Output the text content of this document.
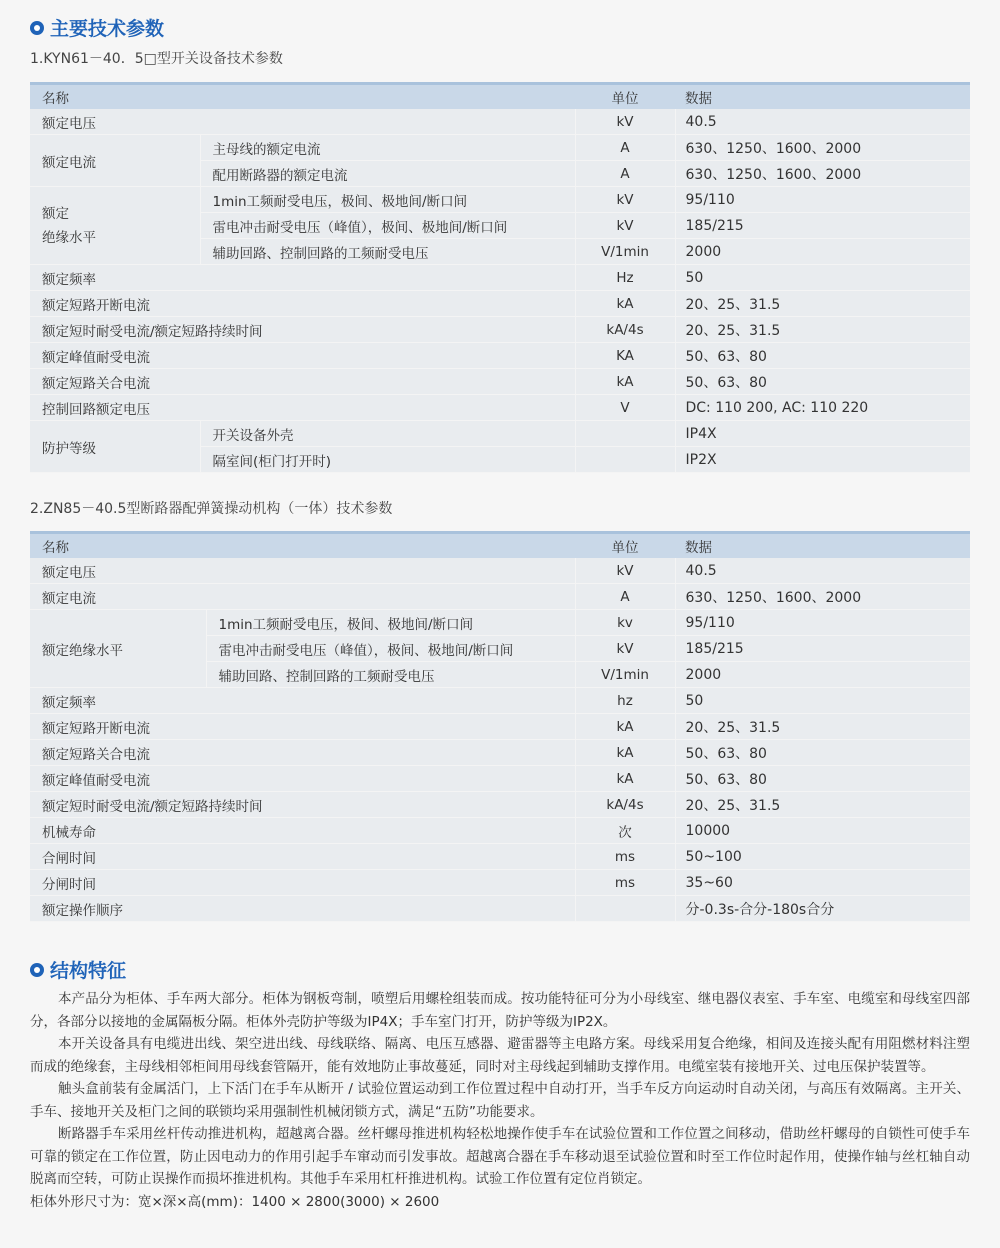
主要技术参数
1.KYN61－40．5□型开关设备技术参数
名称		单位	数据
额定电压		kV	40.5
额定电流	主母线的额定电流	A	630、1250、1600、2000
	配用断路器的额定电流	A	630、1250、1600、2000

额定
绝缘水平	1min工频耐受电压，极间、极地间/断口间	kV	95/110
	雷电冲击耐受电压（峰值），极间、极地间/断口间	kV	185/215
	辅助回路、控制回路的工频耐受电压	V/1min	2000
额定频率		Hz	50
额定短路开断电流		kA	20、25、31.5
额定短时耐受电流/额定短路持续时间		kA/4s	20、25、31.5
额定峰值耐受电流		KA	50、63、80
额定短路关合电流		kA	50、63、80
控制回路额定电压		V	DC: 110 200, AC: 110 220
防护等级	开关设备外壳		IP4X
	隔室间(柜门打开时)		IP2X
2.ZN85－40.5型断路器配弹簧操动机构（一体）技术参数
名称		单位	数据
额定电压		kV	40.5
额定电流		A	630、1250、1600、2000
额定绝缘水平	1min工频耐受电压，极间、极地间/断口间	kv	95/110
	雷电冲击耐受电压（峰值），极间、极地间/断口间	kV	185/215
	辅助回路、控制回路的工频耐受电压	V/1min	2000
额定频率		hz	50
额定短路开断电流		kA	20、25、31.5
额定短路关合电流		kA	50、63、80
额定峰值耐受电流		kA	50、63、80
额定短时耐受电流/额定短路持续时间		kA/4s	20、25、31.5
机械寿命		次	10000
合闸时间		ms	50~100
分闸时间		ms	35~60
额定操作顺序			分-0.3s-合分-180s合分
结构特征

本产品分为柜体、手车两大部分。柜体为钢板弯制，喷塑后用螺栓组装而成。按功能特征可分为小母线室、继电器仪表室、手车室、电缆室和母线室四部分，各部分以接地的金属隔板分隔。柜体外壳防护等级为IP4X；手车室门打开，防护等级为IP2X。

本开关设备具有电缆进出线、架空进出线、母线联络、隔离、电压互感器、避雷器等主电路方案。母线采用复合绝缘，相间及连接头配有用阻燃材料注塑而成的绝缘套，主母线相邻柜间用母线套管隔开，能有效地防止事故蔓延，同时对主母线起到辅助支撑作用。电缆室装有接地开关、过电压保护装置等。

触头盒前装有金属活门，上下活门在手车从断开 / 试验位置运动到工作位置过程中自动打开，当手车反方向运动时自动关闭，与高压有效隔离。主开关、手车、接地开关及柜门之间的联锁均采用强制性机械闭锁方式，满足“五防”功能要求。

断路器手车采用丝杆传动推进机构，超越离合器。丝杆螺母推进机构轻松地操作使手车在试验位置和工作位置之间移动，借助丝杆螺母的自锁性可使手车可靠的锁定在工作位置，防止因电动力的作用引起手车窜动而引发事故。超越离合器在手车移动退至试验位置和时至工作位时起作用，使操作轴与丝杠轴自动脱离而空转，可防止误操作而损坏推进机构。其他手车采用杠杆推进机构。试验工作位置有定位肖锁定。

柜体外形尺寸为：宽×深×高(mm)：1400 × 2800(3000) × 2600
